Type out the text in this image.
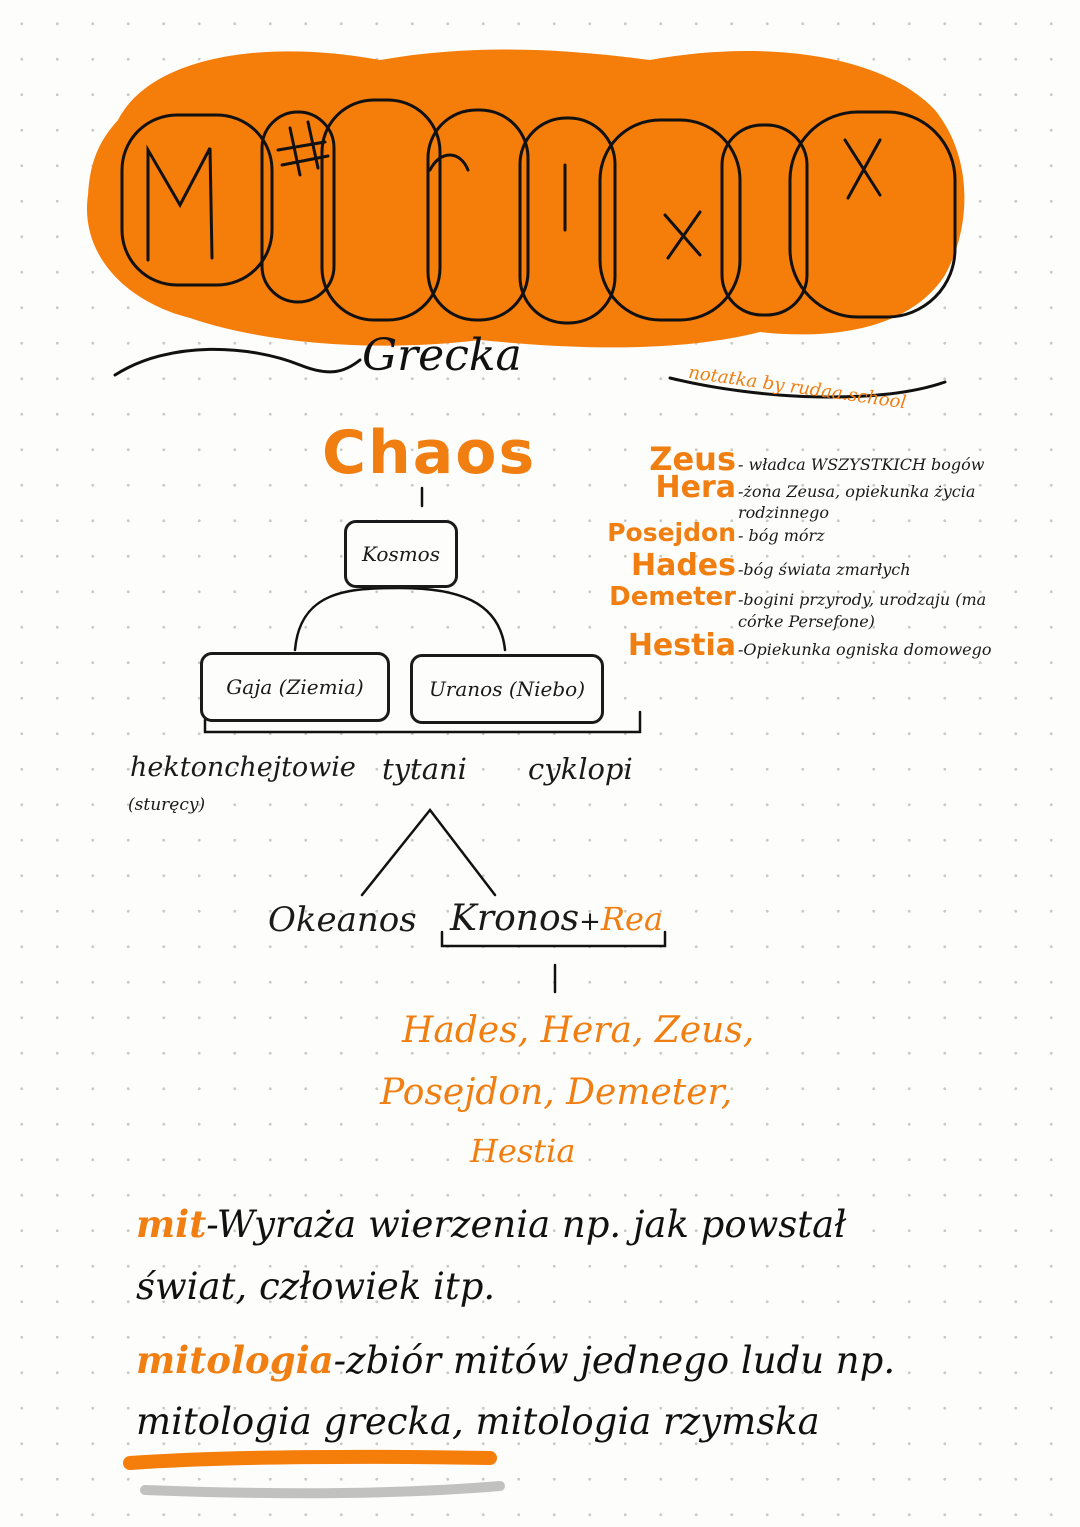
Grecka
notatka by rudaa.school
Chaos
Kosmos
Gaja (Ziemia)	Uranos (Niebo)
hektonchejtowie
(sturęcy)
tytani cyklopi
Okeanos Kronos+Rea
Hades, Hera, Zeus,
Posejdon, Demeter,
Hestia
Zeus - władca WSZYSTKICH bogów
Hera -żona Zeusa, opiekunka życia
rodzinnego
Posejdon - bóg mórz
Hades -bóg świata zmarłych
Demeter -bogini przyrody, urodzaju (ma
córke Persefone)
Hestia -Opiekunka ogniska domowego
mit-Wyraża wierzenia np. jak powstał
świat, człowiek itp.
mitologia-zbiór mitów jednego ludu np.
mitologia grecka, mitologia rzymska
